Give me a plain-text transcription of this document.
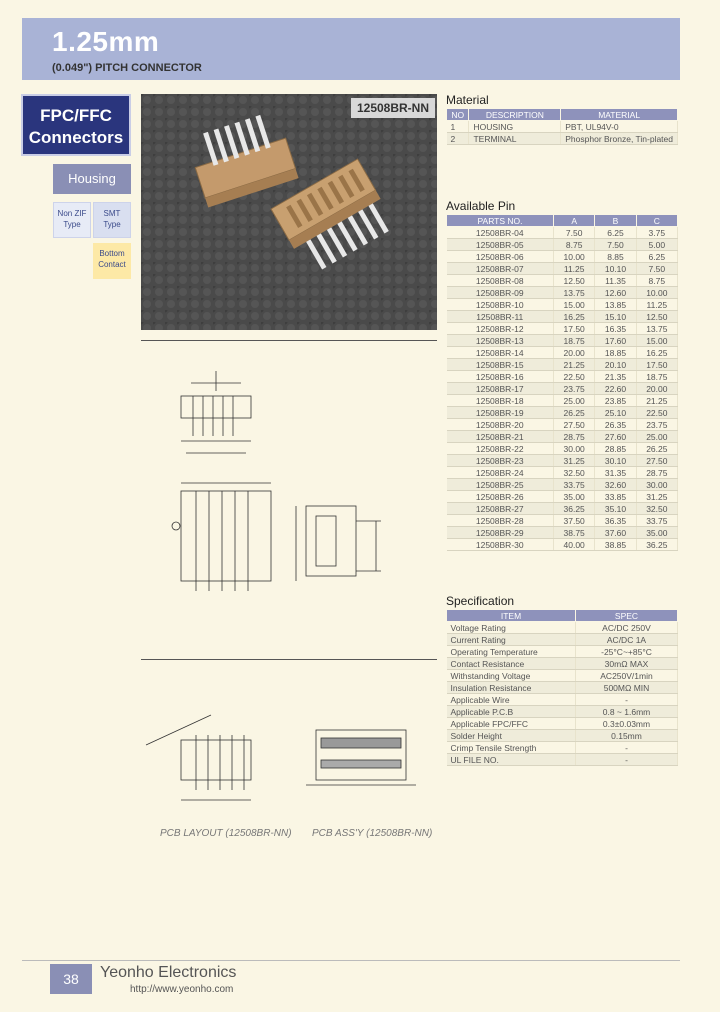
1.25mm
(0.049") PITCH CONNECTOR
FPC/FFC
Connectors
Housing
Non ZIF
Type
SMT
Type
Bottom
Contact
12508BR-NN
PCB LAYOUT (12508BR-NN) PCB ASS'Y (12508BR-NN)
Material
NO	DESCRIPTION	MATERIAL
1	HOUSING	PBT, UL94V-0
2	TERMINAL	Phosphor Bronze, Tin-plated
Available Pin
PARTS NO.	A	B	C
12508BR-04	7.50	6.25	3.75
12508BR-05	8.75	7.50	5.00
12508BR-06	10.00	8.85	6.25
12508BR-07	11.25	10.10	7.50
12508BR-08	12.50	11.35	8.75
12508BR-09	13.75	12.60	10.00
12508BR-10	15.00	13.85	11.25
12508BR-11	16.25	15.10	12.50
12508BR-12	17.50	16.35	13.75
12508BR-13	18.75	17.60	15.00
12508BR-14	20.00	18.85	16.25
12508BR-15	21.25	20.10	17.50
12508BR-16	22.50	21.35	18.75
12508BR-17	23.75	22.60	20.00
12508BR-18	25.00	23.85	21.25
12508BR-19	26.25	25.10	22.50
12508BR-20	27.50	26.35	23.75
12508BR-21	28.75	27.60	25.00
12508BR-22	30.00	28.85	26.25
12508BR-23	31.25	30.10	27.50
12508BR-24	32.50	31.35	28.75
12508BR-25	33.75	32.60	30.00
12508BR-26	35.00	33.85	31.25
12508BR-27	36.25	35.10	32.50
12508BR-28	37.50	36.35	33.75
12508BR-29	38.75	37.60	35.00
12508BR-30	40.00	38.85	36.25
Specification
ITEM	SPEC
Voltage Rating	AC/DC 250V
Current Rating	AC/DC 1A
Operating Temperature	-25°C~+85°C
Contact Resistance	30mΩ MAX
Withstanding Voltage	AC250V/1min
Insulation Resistance	500MΩ MIN
Applicable Wire	-
Applicable P.C.B	0.8 ~ 1.6mm
Applicable FPC/FFC	0.3±0.03mm
Solder Height	0.15mm
Crimp Tensile Strength	-
UL FILE NO.	-
38	Yeonho Electronics
http://www.yeonho.com
